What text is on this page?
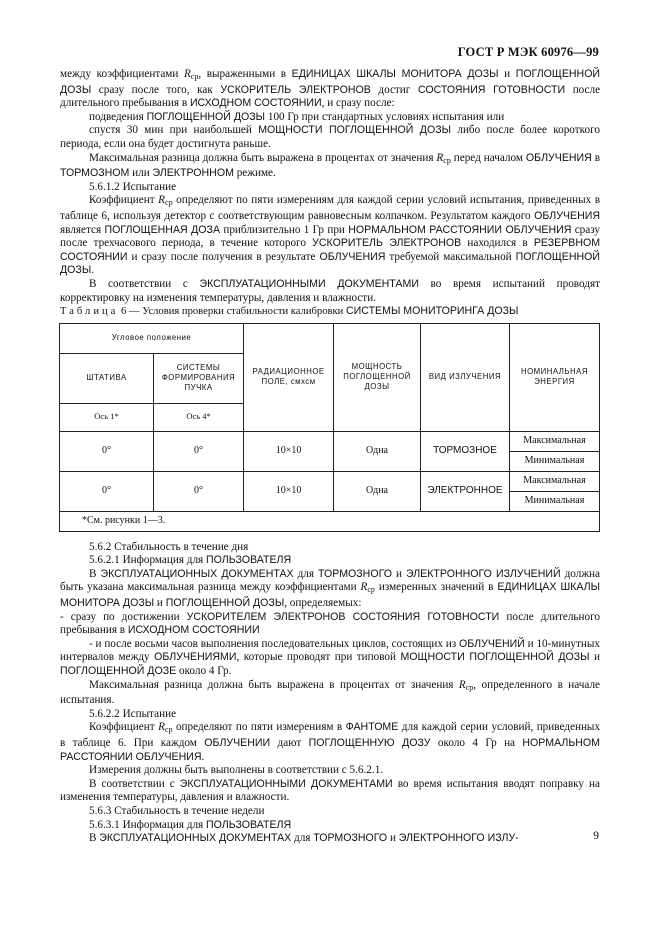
ГОСТ Р МЭК 60976—99

между коэффициентами $R_{ср}$, выраженными в ЕДИНИЦАХ ШКАЛЫ МОНИТОРА ДОЗЫ и ПОГЛОЩЕННОЙ ДОЗЫ сразу после того, как УСКОРИТЕЛЬ ЭЛЕКТРОНОВ достиг СОСТОЯНИЯ ГОТОВНОСТИ после длительного пребывания в ИСХОДНОМ СОСТОЯНИИ, и сразу после:

подведения ПОГЛОЩЕННОЙ ДОЗЫ 100 Гр при стандартных условиях испытания или

спустя 30 мин при наибольшей МОЩНОСТИ ПОГЛОЩЕННОЙ ДОЗЫ либо после более короткого периода, если она будет достигнута раньше.

Максимальная разница должна быть выражена в процентах от значения $R_{ср}$ перед началом ОБЛУЧЕНИЯ в ТОРМОЗНОМ или ЭЛЕКТРОННОМ режиме.

5.6.1.2 Испытание

Коэффициент $R_{ср}$ определяют по пяти измерениям для каждой серии условий испытания, приведенных в таблице 6, используя детектор с соответствующим равновесным колпачком. Результатом каждого ОБЛУЧЕНИЯ является ПОГЛОЩЕННАЯ ДОЗА приблизительно 1 Гр при НОРМАЛЬНОМ РАССТОЯНИИ ОБЛУЧЕНИЯ сразу после трехчасового периода, в течение которого УСКОРИТЕЛЬ ЭЛЕКТРОНОВ находился в РЕЗЕРВНОМ СОСТОЯНИИ и сразу после получения в результате ОБЛУЧЕНИЯ требуемой максимальной ПОГЛОЩЕННОЙ ДОЗЫ.

В соответствии с ЭКСПЛУАТАЦИОННЫМИ ДОКУМЕНТАМИ во время испытаний проводят корректировку на изменения температуры, давления и влажности.

Таблица 6 — Условия проверки стабильности калибровки СИСТЕМЫ МОНИТОРИНГА ДОЗЫ

Угловое положение		РАДИАЦИОННОЕ ПОЛЕ, смхсм	МОЩНОСТЬ ПОГЛОЩЕННОЙ ДОЗЫ	ВИД ИЗЛУЧЕНИЯ	НОМИНАЛЬНАЯ ЭНЕРГИЯ
ШТАТИВА	СИСТЕМЫ ФОРМИРОВАНИЯ ПУЧКА				
Ось 1*	Ось 4*				
0°	0°	10×10	Одна	ТОРМОЗНОЕ	Максимальная
					Минимальная
0°	0°	10×10	Одна	ЭЛЕКТРОННОЕ	Максимальная
					Минимальная
*См. рисунки 1—3.					

5.6.2 Стабильность в течение дня

5.6.2.1 Информация для ПОЛЬЗОВАТЕЛЯ

В ЭКСПЛУАТАЦИОННЫХ ДОКУМЕНТАХ для ТОРМОЗНОГО и ЭЛЕКТРОННОГО ИЗЛУЧЕНИЙ должна быть указана максимальная разница между коэффициентами $R_{ср}$ измеренных значений в ЕДИНИЦАХ ШКАЛЫ МОНИТОРА ДОЗЫ и ПОГЛОЩЕННОЙ ДОЗЫ, определяемых:

- сразу по достижении УСКОРИТЕЛЕМ ЭЛЕКТРОНОВ СОСТОЯНИЯ ГОТОВНОСТИ после длительного пребывания в ИСХОДНОМ СОСТОЯНИИ

- и после восьми часов выполнения последовательных циклов, состоящих из ОБЛУЧЕНИЙ и 10-минутных интервалов между ОБЛУЧЕНИЯМИ, которые проводят при типовой МОЩНОСТИ ПОГЛОЩЕННОЙ ДОЗЫ и ПОГЛОЩЕННОЙ ДОЗЕ около 4 Гр.

Максимальная разница должна быть выражена в процентах от значения $R_{ср}$, определенного в начале испытания.

5.6.2.2 Испытание

Коэффициент $R_{ср}$ определяют по пяти измерениям в ФАНТОМЕ для каждой серии условий, приведенных в таблице 6. При каждом ОБЛУЧЕНИИ дают ПОГЛОЩЕННУЮ ДОЗУ около 4 Гр на НОРМАЛЬНОМ РАССТОЯНИИ ОБЛУЧЕНИЯ.

Измерения должны быть выполнены в соответствии с 5.6.2.1.

В соответствии с ЭКСПЛУАТАЦИОННЫМИ ДОКУМЕНТАМИ во время испытания вводят поправку на изменения температуры, давления и влажности.

5.6.3 Стабильность в течение недели

5.6.3.1 Информация для ПОЛЬЗОВАТЕЛЯ

В ЭКСПЛУАТАЦИОННЫХ ДОКУМЕНТАХ для ТОРМОЗНОГО и ЭЛЕКТРОННОГО ИЗЛУ-	9
